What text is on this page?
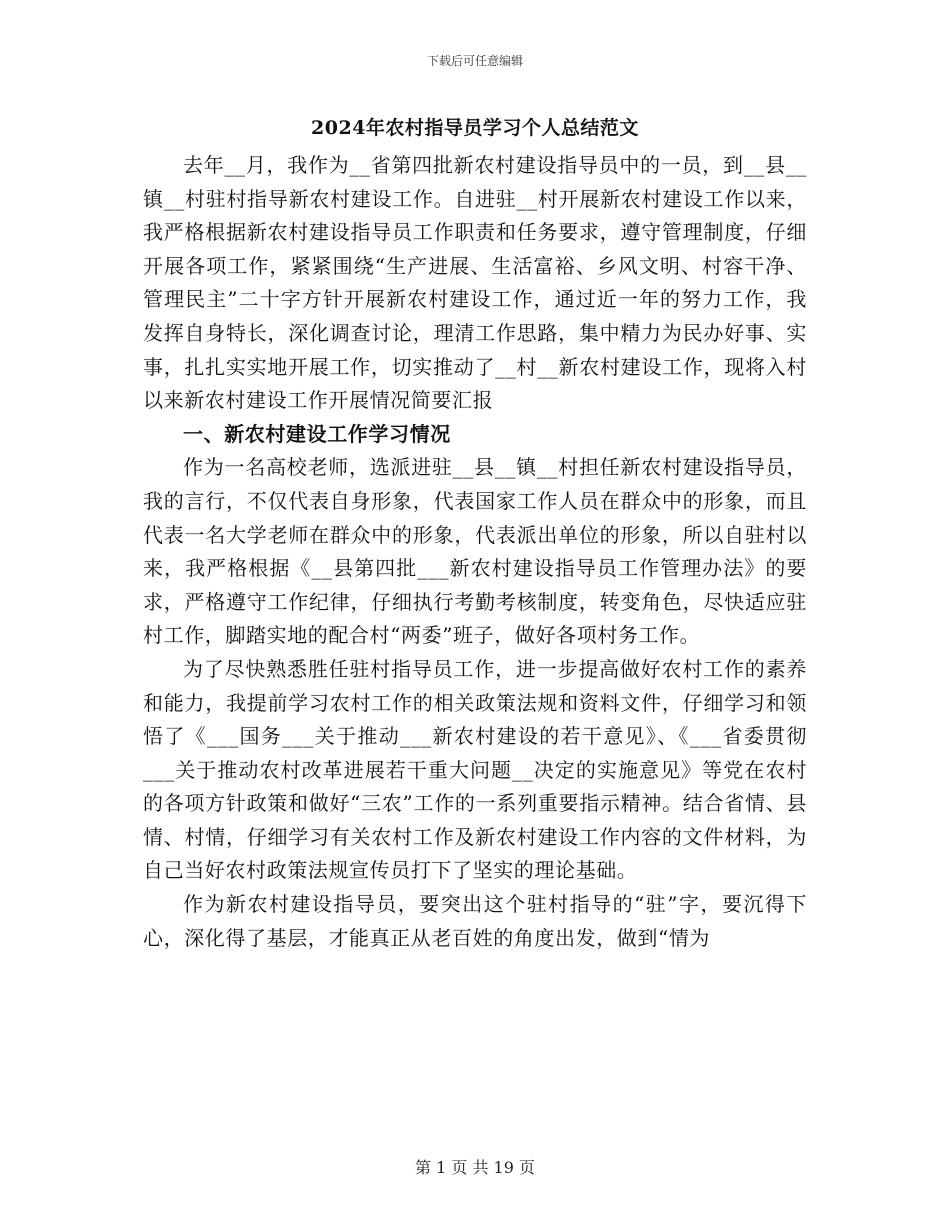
下载后可任意编辑
2024年农村指导员学习个人总结范文

去年__月，我作为__省第四批新农村建设指导员中的一员，到__县__镇__村驻村指导新农村建设工作。自进驻__村开展新农村建设工作以来，我严格根据新农村建设指导员工作职责和任务要求，遵守管理制度，仔细开展各项工作，紧紧围绕“生产进展、生活富裕、乡风文明、村容干净、管理民主”二十字方针开展新农村建设工作，通过近一年的努力工作，我发挥自身特长，深化调查讨论，理清工作思路，集中精力为民办好事、实事，扎扎实实地开展工作，切实推动了__村__新农村建设工作，现将入村以来新农村建设工作开展情况简要汇报

一、新农村建设工作学习情况

作为一名高校老师，选派进驻__县__镇__村担任新农村建设指导员，我的言行，不仅代表自身形象，代表国家工作人员在群众中的形象，而且代表一名大学老师在群众中的形象，代表派出单位的形象，所以自驻村以来，我严格根据《__县第四批___新农村建设指导员工作管理办法》的要求，严格遵守工作纪律，仔细执行考勤考核制度，转变角色，尽快适应驻村工作，脚踏实地的配合村“两委”班子，做好各项村务工作。

为了尽快熟悉胜任驻村指导员工作，进一步提高做好农村工作的素养和能力，我提前学习农村工作的相关政策法规和资料文件，仔细学习和领悟了《___国务___关于推动___新农村建设的若干意见》、《___省委贯彻___关于推动农村改革进展若干重大问题__决定的实施意见》等党在农村的各项方针政策和做好“三农”工作的一系列重要指示精神。结合省情、县情、村情，仔细学习有关农村工作及新农村建设工作内容的文件材料，为自己当好农村政策法规宣传员打下了坚实的理论基础。

作为新农村建设指导员，要突出这个驻村指导的“驻”字，要沉得下心，深化得了基层，才能真正从老百姓的角度出发，做到“情为

第 1 页 共 19 页
